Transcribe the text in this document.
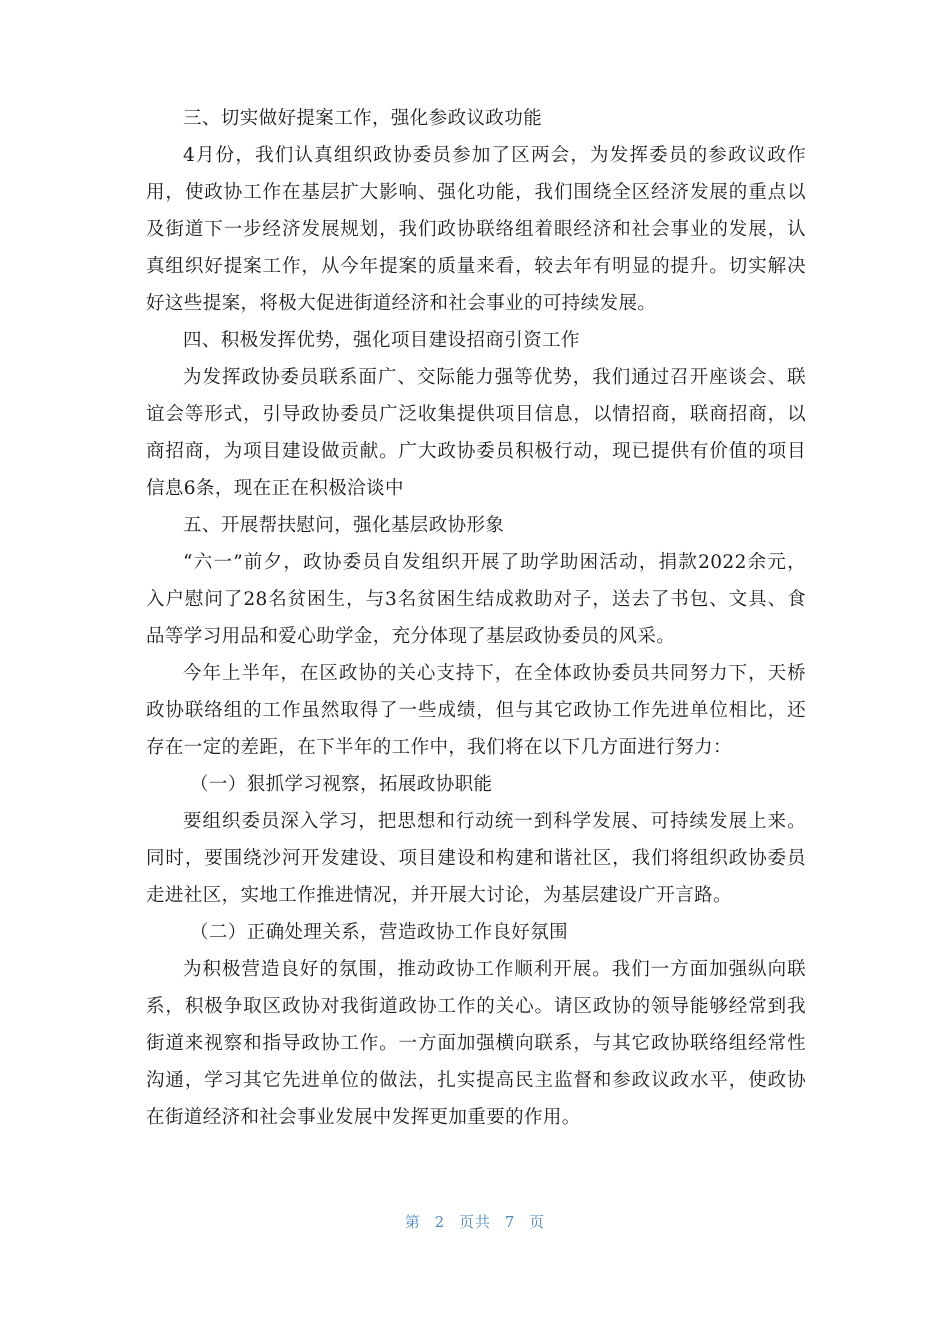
三、切实做好提案工作，强化参政议政功能
4月份，我们认真组织政协委员参加了区两会，为发挥委员的参政议政作
用，使政协工作在基层扩大影响、强化功能，我们围绕全区经济发展的重点以
及街道下一步经济发展规划，我们政协联络组着眼经济和社会事业的发展，认
真组织好提案工作，从今年提案的质量来看，较去年有明显的提升。切实解决
好这些提案，将极大促进街道经济和社会事业的可持续发展。
四、积极发挥优势，强化项目建设招商引资工作
为发挥政协委员联系面广、交际能力强等优势，我们通过召开座谈会、联
谊会等形式，引导政协委员广泛收集提供项目信息，以情招商，联商招商，以
商招商，为项目建设做贡献。广大政协委员积极行动，现已提供有价值的项目
信息6条，现在正在积极洽谈中
五、开展帮扶慰问，强化基层政协形象
“六一”前夕，政协委员自发组织开展了助学助困活动，捐款2022余元，
入户慰问了28名贫困生，与3名贫困生结成救助对子，送去了书包、文具、食
品等学习用品和爱心助学金，充分体现了基层政协委员的风采。
今年上半年，在区政协的关心支持下，在全体政协委员共同努力下，天桥
政协联络组的工作虽然取得了一些成绩，但与其它政协工作先进单位相比，还
存在一定的差距，在下半年的工作中，我们将在以下几方面进行努力：
（一）狠抓学习视察，拓展政协职能
要组织委员深入学习，把思想和行动统一到科学发展、可持续发展上来。
同时，要围绕沙河开发建设、项目建设和构建和谐社区，我们将组织政协委员
走进社区，实地工作推进情况，并开展大讨论，为基层建设广开言路。
（二）正确处理关系，营造政协工作良好氛围
为积极营造良好的氛围，推动政协工作顺利开展。我们一方面加强纵向联
系，积极争取区政协对我街道政协工作的关心。请区政协的领导能够经常到我
街道来视察和指导政协工作。一方面加强横向联系，与其它政协联络组经常性
沟通，学习其它先进单位的做法，扎实提高民主监督和参政议政水平，使政协
在街道经济和社会事业发展中发挥更加重要的作用。
第 2 页共 7 页
